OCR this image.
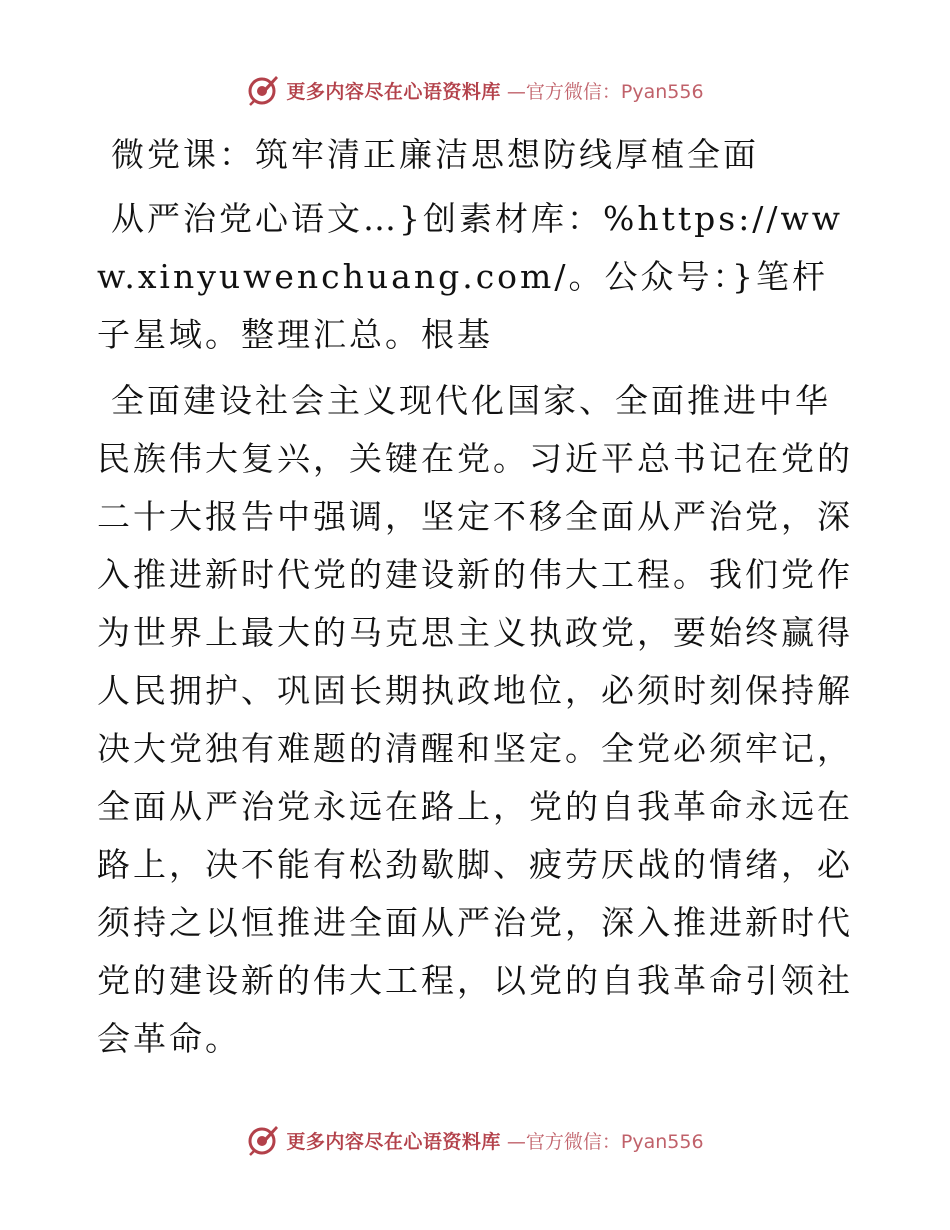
更多内容尽在心语资料库 —官方微信：Pyan556

微党课：筑牢清正廉洁思想防线厚植全面

从严治党心语文…}创素材库：%https://www.xinyuwenchuang.com/。公众号：}笔杆子星域。整理汇总。根基

全面建设社会主义现代化国家、全面推进中华民族伟大复兴，关键在党。习近平总书记在党的二十大报告中强调，坚定不移全面从严治党，深入推进新时代党的建设新的伟大工程。我们党作为世界上最大的马克思主义执政党，要始终赢得人民拥护、巩固长期执政地位，必须时刻保持解决大党独有难题的清醒和坚定。全党必须牢记，全面从严治党永远在路上，党的自我革命永远在路上，决不能有松劲歇脚、疲劳厌战的情绪，必须持之以恒推进全面从严治党，深入推进新时代党的建设新的伟大工程，以党的自我革命引领社会革命。

更多内容尽在心语资料库 —官方微信：Pyan556
